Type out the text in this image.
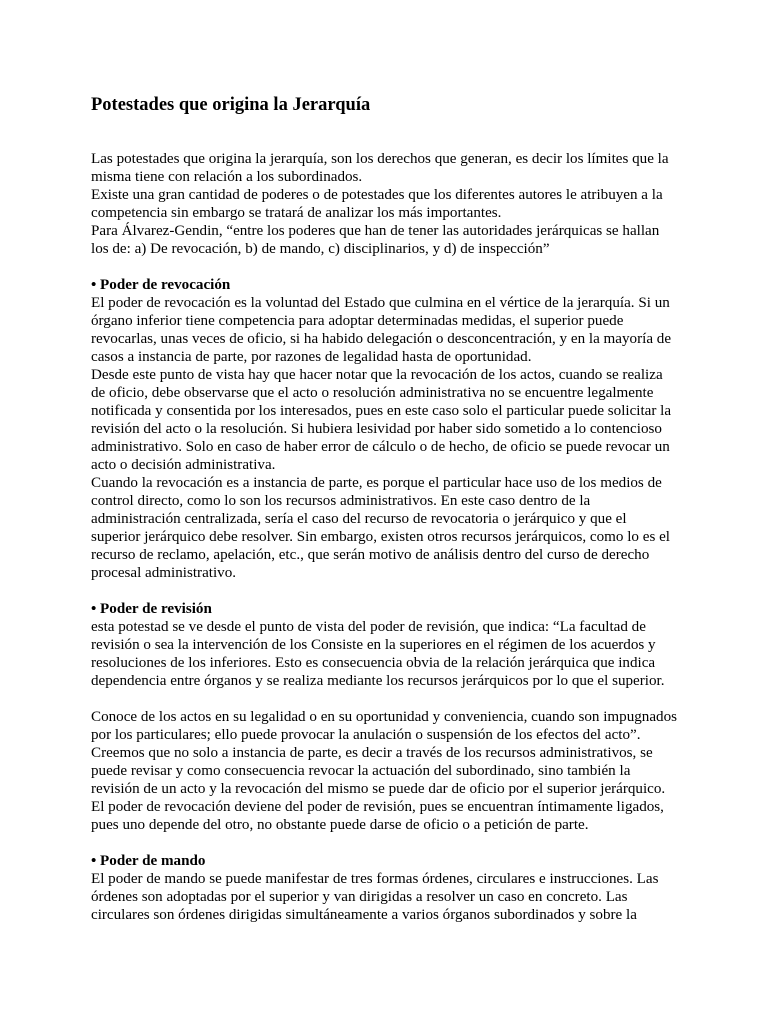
Potestades que origina la Jerarquía
Las potestades que origina la jerarquía, son los derechos que generan, es decir los límites que la
misma tiene con relación a los subordinados.
Existe una gran cantidad de poderes o de potestades que los diferentes autores le atribuyen a la
competencia sin embargo se tratará de analizar los más importantes.
Para Álvarez-Gendin, “entre los poderes que han de tener las autoridades jerárquicas se hallan
los de: a) De revocación, b) de mando, c) disciplinarios, y d) de inspección”
• Poder de revocación
El poder de revocación es la voluntad del Estado que culmina en el vértice de la jerarquía. Si un
órgano inferior tiene competencia para adoptar determinadas medidas, el superior puede
revocarlas, unas veces de oficio, si ha habido delegación o desconcentración, y en la mayoría de
casos a instancia de parte, por razones de legalidad hasta de oportunidad.
Desde este punto de vista hay que hacer notar que la revocación de los actos, cuando se realiza
de oficio, debe observarse que el acto o resolución administrativa no se encuentre legalmente
notificada y consentida por los interesados, pues en este caso solo el particular puede solicitar la
revisión del acto o la resolución. Si hubiera lesividad por haber sido sometido a lo contencioso
administrativo. Solo en caso de haber error de cálculo o de hecho, de oficio se puede revocar un
acto o decisión administrativa.
Cuando la revocación es a instancia de parte, es porque el particular hace uso de los medios de
control directo, como lo son los recursos administrativos. En este caso dentro de la
administración centralizada, sería el caso del recurso de revocatoria o jerárquico y que el
superior jerárquico debe resolver. Sin embargo, existen otros recursos jerárquicos, como lo es el
recurso de reclamo, apelación, etc., que serán motivo de análisis dentro del curso de derecho
procesal administrativo.
• Poder de revisión
esta potestad se ve desde el punto de vista del poder de revisión, que indica: “La facultad de
revisión o sea la intervención de los Consiste en la superiores en el régimen de los acuerdos y
resoluciones de los inferiores. Esto es consecuencia obvia de la relación jerárquica que indica
dependencia entre órganos y se realiza mediante los recursos jerárquicos por lo que el superior.
Conoce de los actos en su legalidad o en su oportunidad y conveniencia, cuando son impugnados
por los particulares; ello puede provocar la anulación o suspensión de los efectos del acto”.
Creemos que no solo a instancia de parte, es decir a través de los recursos administrativos, se
puede revisar y como consecuencia revocar la actuación del subordinado, sino también la
revisión de un acto y la revocación del mismo se puede dar de oficio por el superior jerárquico.
El poder de revocación deviene del poder de revisión, pues se encuentran íntimamente ligados,
pues uno depende del otro, no obstante puede darse de oficio o a petición de parte.
• Poder de mando
El poder de mando se puede manifestar de tres formas órdenes, circulares e instrucciones. Las
órdenes son adoptadas por el superior y van dirigidas a resolver un caso en concreto. Las
circulares son órdenes dirigidas simultáneamente a varios órganos subordinados y sobre la
